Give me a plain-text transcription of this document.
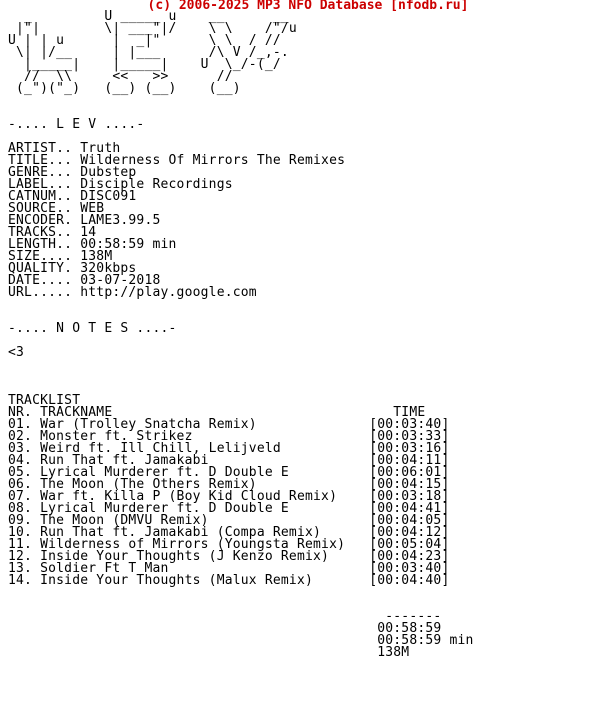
(c) 2006-2025 MP3 NFO Database [nfodb.ru]
_         U _____ u    __      __
|"|        \| ___"|/    \ \    /"/u
U | | u      |  _|"      \ \  / //
\| |/__     | |___      /\ V /_,-.
|_____|    |_____|    U  \_/-(_/
//  \\     <<   >>      //
(_")("_)   (__) (__)    (__)
-.... L E V ....-
ARTIST.. Truth
TITLE... Wilderness Of Mirrors The Remixes
GENRE... Dubstep
LABEL... Disciple Recordings
CATNUM.. DISC091
SOURCE.. WEB
ENCODER. LAME3.99.5
TRACKS.. 14
LENGTH.. 00:58:59 min
SIZE.... 138M
QUALITY. 320kbps
DATE.... 03-07-2018
URL..... http://play.google.com
-.... N O T E S ....-
<3
TRACKLIST
NR. TRACKNAME                                   TIME
01. War (Trolley Snatcha Remix)              [00:03:40]
02. Monster ft. Strikez                      [00:03:33]
03. Weird ft. Ill Chill, Lelijveld           [00:03:16]
04. Run That ft. Jamakabi                    [00:04:11]
05. Lyrical Murderer ft. D Double E          [00:06:01]
06. The Moon (The Others Remix)              [00:04:15]
07. War ft. Killa P (Boy Kid Cloud Remix)    [00:03:18]
08. Lyrical Murderer ft. D Double E          [00:04:41]
09. The Moon (DMVU Remix)                    [00:04:05]
10. Run That ft. Jamakabi (Compa Remix)      [00:04:12]
11. Wilderness of Mirrors (Youngsta Remix)   [00:05:04]
12. Inside Your Thoughts (J Kenzo Remix)     [00:04:23]
13. Soldier Ft T Man                         [00:03:40]
14. Inside Your Thoughts (Malux Remix)       [00:04:40]
-------
00:58:59
00:58:59 min
138M
